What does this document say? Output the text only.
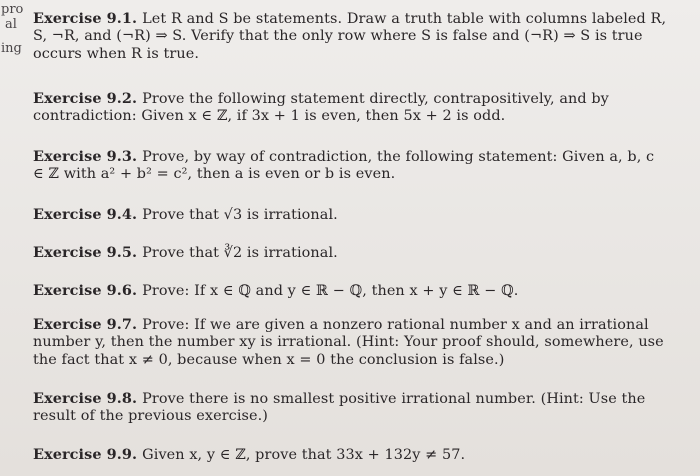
pro
al
ing
Exercise 9.1. Let R and S be statements. Draw a truth table with columns labeled R, S, ¬R, and (¬R) ⇒ S. Verify that the only row where S is false and (¬R) ⇒ S is true occurs when R is true.
Exercise 9.2. Prove the following statement directly, contrapositively, and by contradiction: Given x ∈ ℤ, if 3x + 1 is even, then 5x + 2 is odd.
Exercise 9.3. Prove, by way of contradiction, the following statement: Given a, b, c ∈ ℤ with a² + b² = c², then a is even or b is even.
Exercise 9.4. Prove that √3 is irrational.
Exercise 9.5. Prove that ∛2 is irrational.
Exercise 9.6. Prove: If x ∈ ℚ and y ∈ ℝ − ℚ, then x + y ∈ ℝ − ℚ.
Exercise 9.7. Prove: If we are given a nonzero rational number x and an irrational number y, then the number xy is irrational. (Hint: Your proof should, somewhere, use the fact that x ≠ 0, because when x = 0 the conclusion is false.)
Exercise 9.8. Prove there is no smallest positive irrational number. (Hint: Use the result of the previous exercise.)
Exercise 9.9. Given x, y ∈ ℤ, prove that 33x + 132y ≠ 57.
